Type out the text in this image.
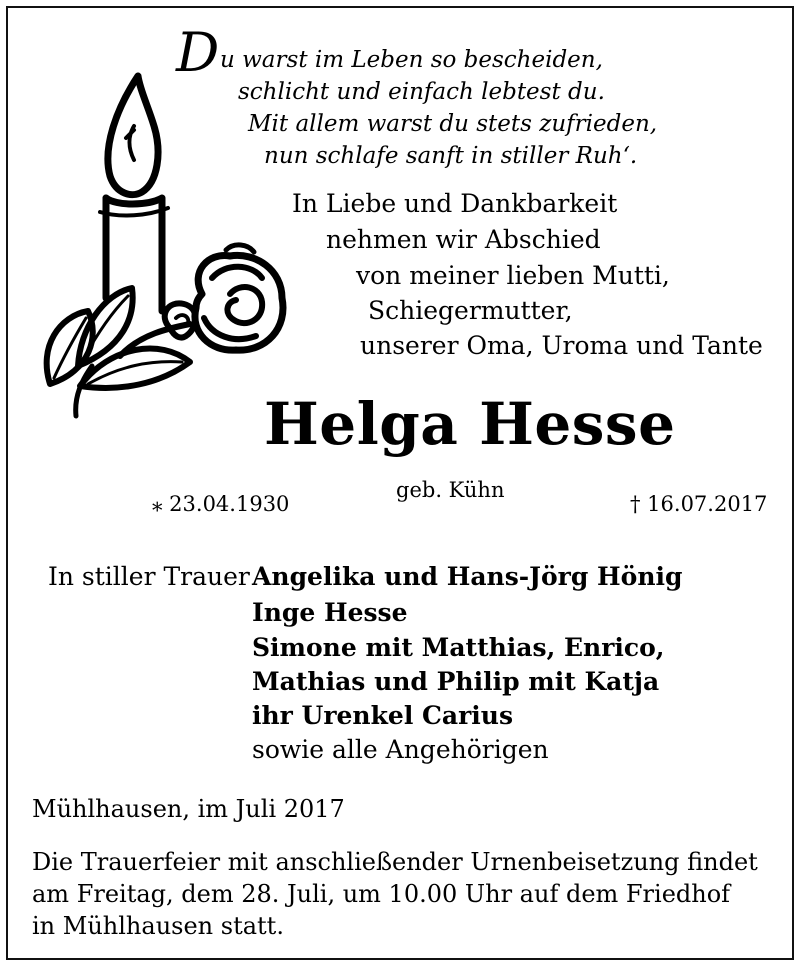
D u warst im Leben so bescheiden,
schlicht und einfach lebtest du.
Mit allem warst du stets zufrieden,
nun schlafe sanft in stiller Ruh‘.
In Liebe und Dankbarkeit
nehmen wir Abschied
von meiner lieben Mutti,
Schiegermutter,
unserer Oma, Uroma und Tante
Helga Hesse
geb. Kühn
⁎ 23.04.1930	† 16.07.2017
In stiller Trauer Angelika und Hans-Jörg Hönig
Inge Hesse
Simone mit Matthias, Enrico,
Mathias und Philip mit Katja
ihr Urenkel Carius
sowie alle Angehörigen
Mühlhausen, im Juli 2017
Die Trauerfeier mit anschließender Urnenbeisetzung findet
am Freitag, dem 28. Juli, um 10.00 Uhr auf dem Friedhof
in Mühlhausen statt.
